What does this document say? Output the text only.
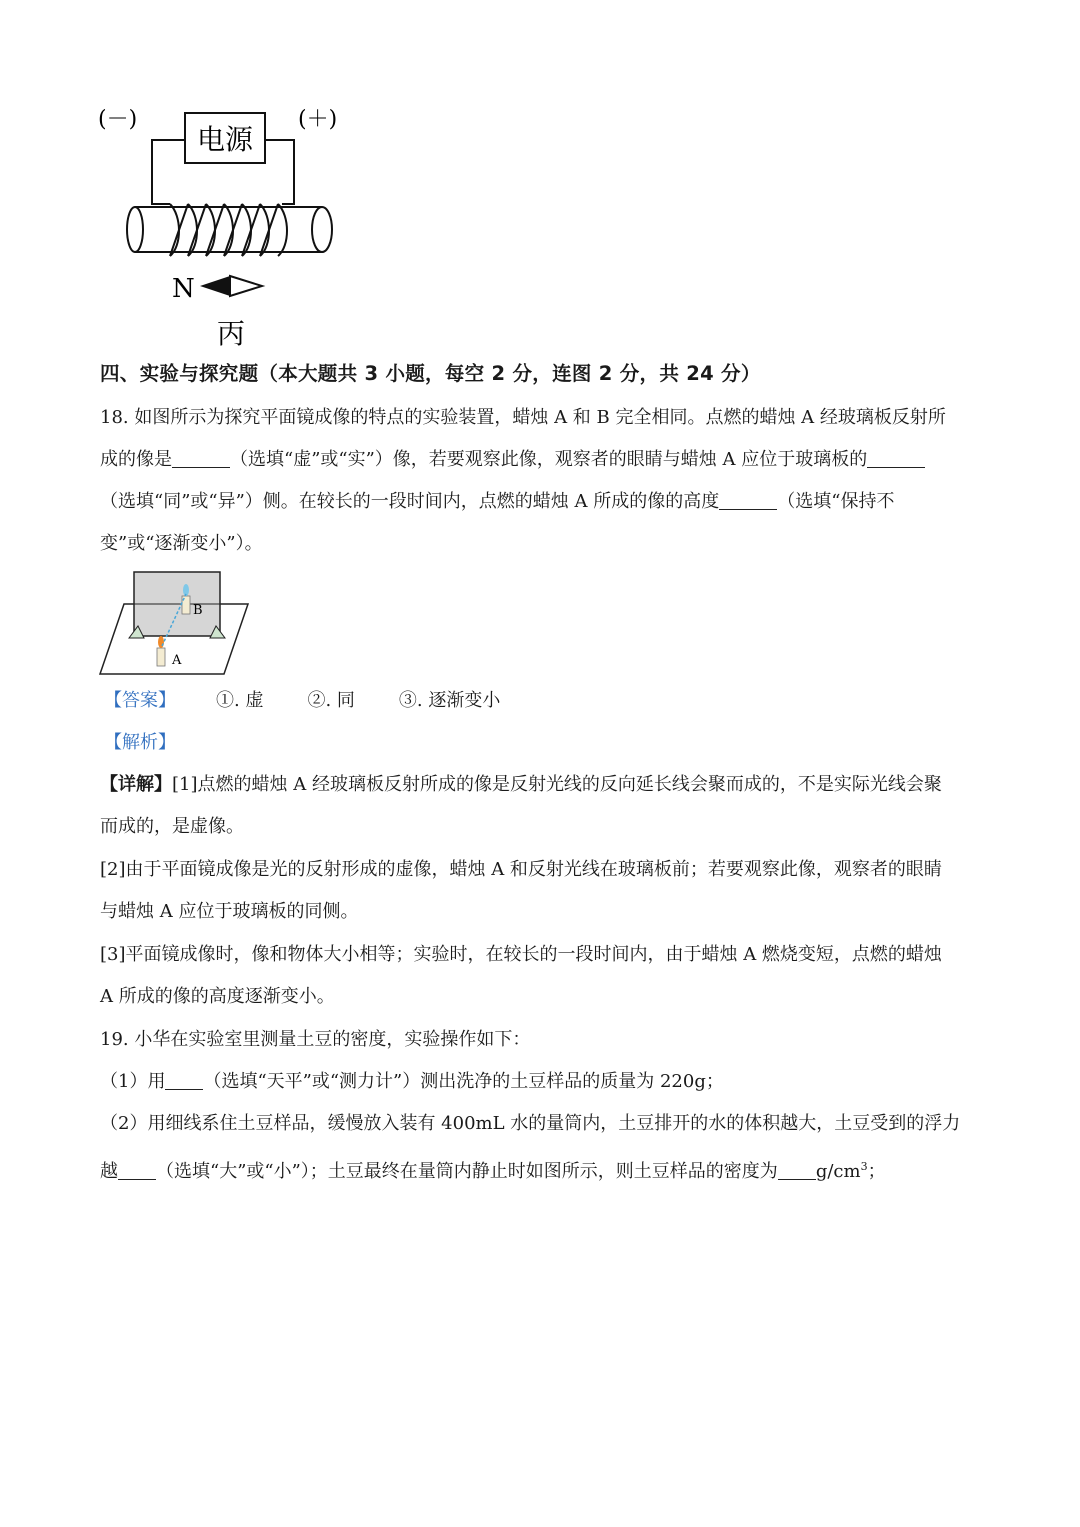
(－)	(＋)
电源
N
丙
四、实验与探究题（本大题共 3 小题，每空 2 分，连图 2 分，共 24 分）

18. 如图所示为探究平面镜成像的特点的实验装置，蜡烛 A 和 B 完全相同。点燃的蜡烛 A 经玻璃板反射所

成的像是	（选填“虚”或“实”）像，若要观察此像，观察者的眼睛与蜡烛 A 应位于玻璃板的

（选填“同”或“异”）侧。在较长的一段时间内，点燃的蜡烛 A 所成的像的高度	（选填“保持不

变”或“逐渐变小”）。

B
A
【答案】 ①. 虚 ②. 同 ③. 逐渐变小
【解析】

【详解】[1]点燃的蜡烛 A 经玻璃板反射所成的像是反射光线的反向延长线会聚而成的，不是实际光线会聚

而成的，是虚像。

[2]由于平面镜成像是光的反射形成的虚像，蜡烛 A 和反射光线在玻璃板前；若要观察此像，观察者的眼睛

与蜡烛 A 应位于玻璃板的同侧。

[3]平面镜成像时，像和物体大小相等；实验时，在较长的一段时间内，由于蜡烛 A 燃烧变短，点燃的蜡烛

A 所成的像的高度逐渐变小。

19. 小华在实验室里测量土豆的密度，实验操作如下：

（1）用 （选填“天平”或“测力计”）测出洗净的土豆样品的质量为 220g；

（2）用细线系住土豆样品，缓慢放入装有 400mL 水的量筒内，土豆排开的水的体积越大，土豆受到的浮力

越 （选填“大”或“小”）；土豆最终在量筒内静止时如图所示，则土豆样品的密度为 $g/cm^3$；
